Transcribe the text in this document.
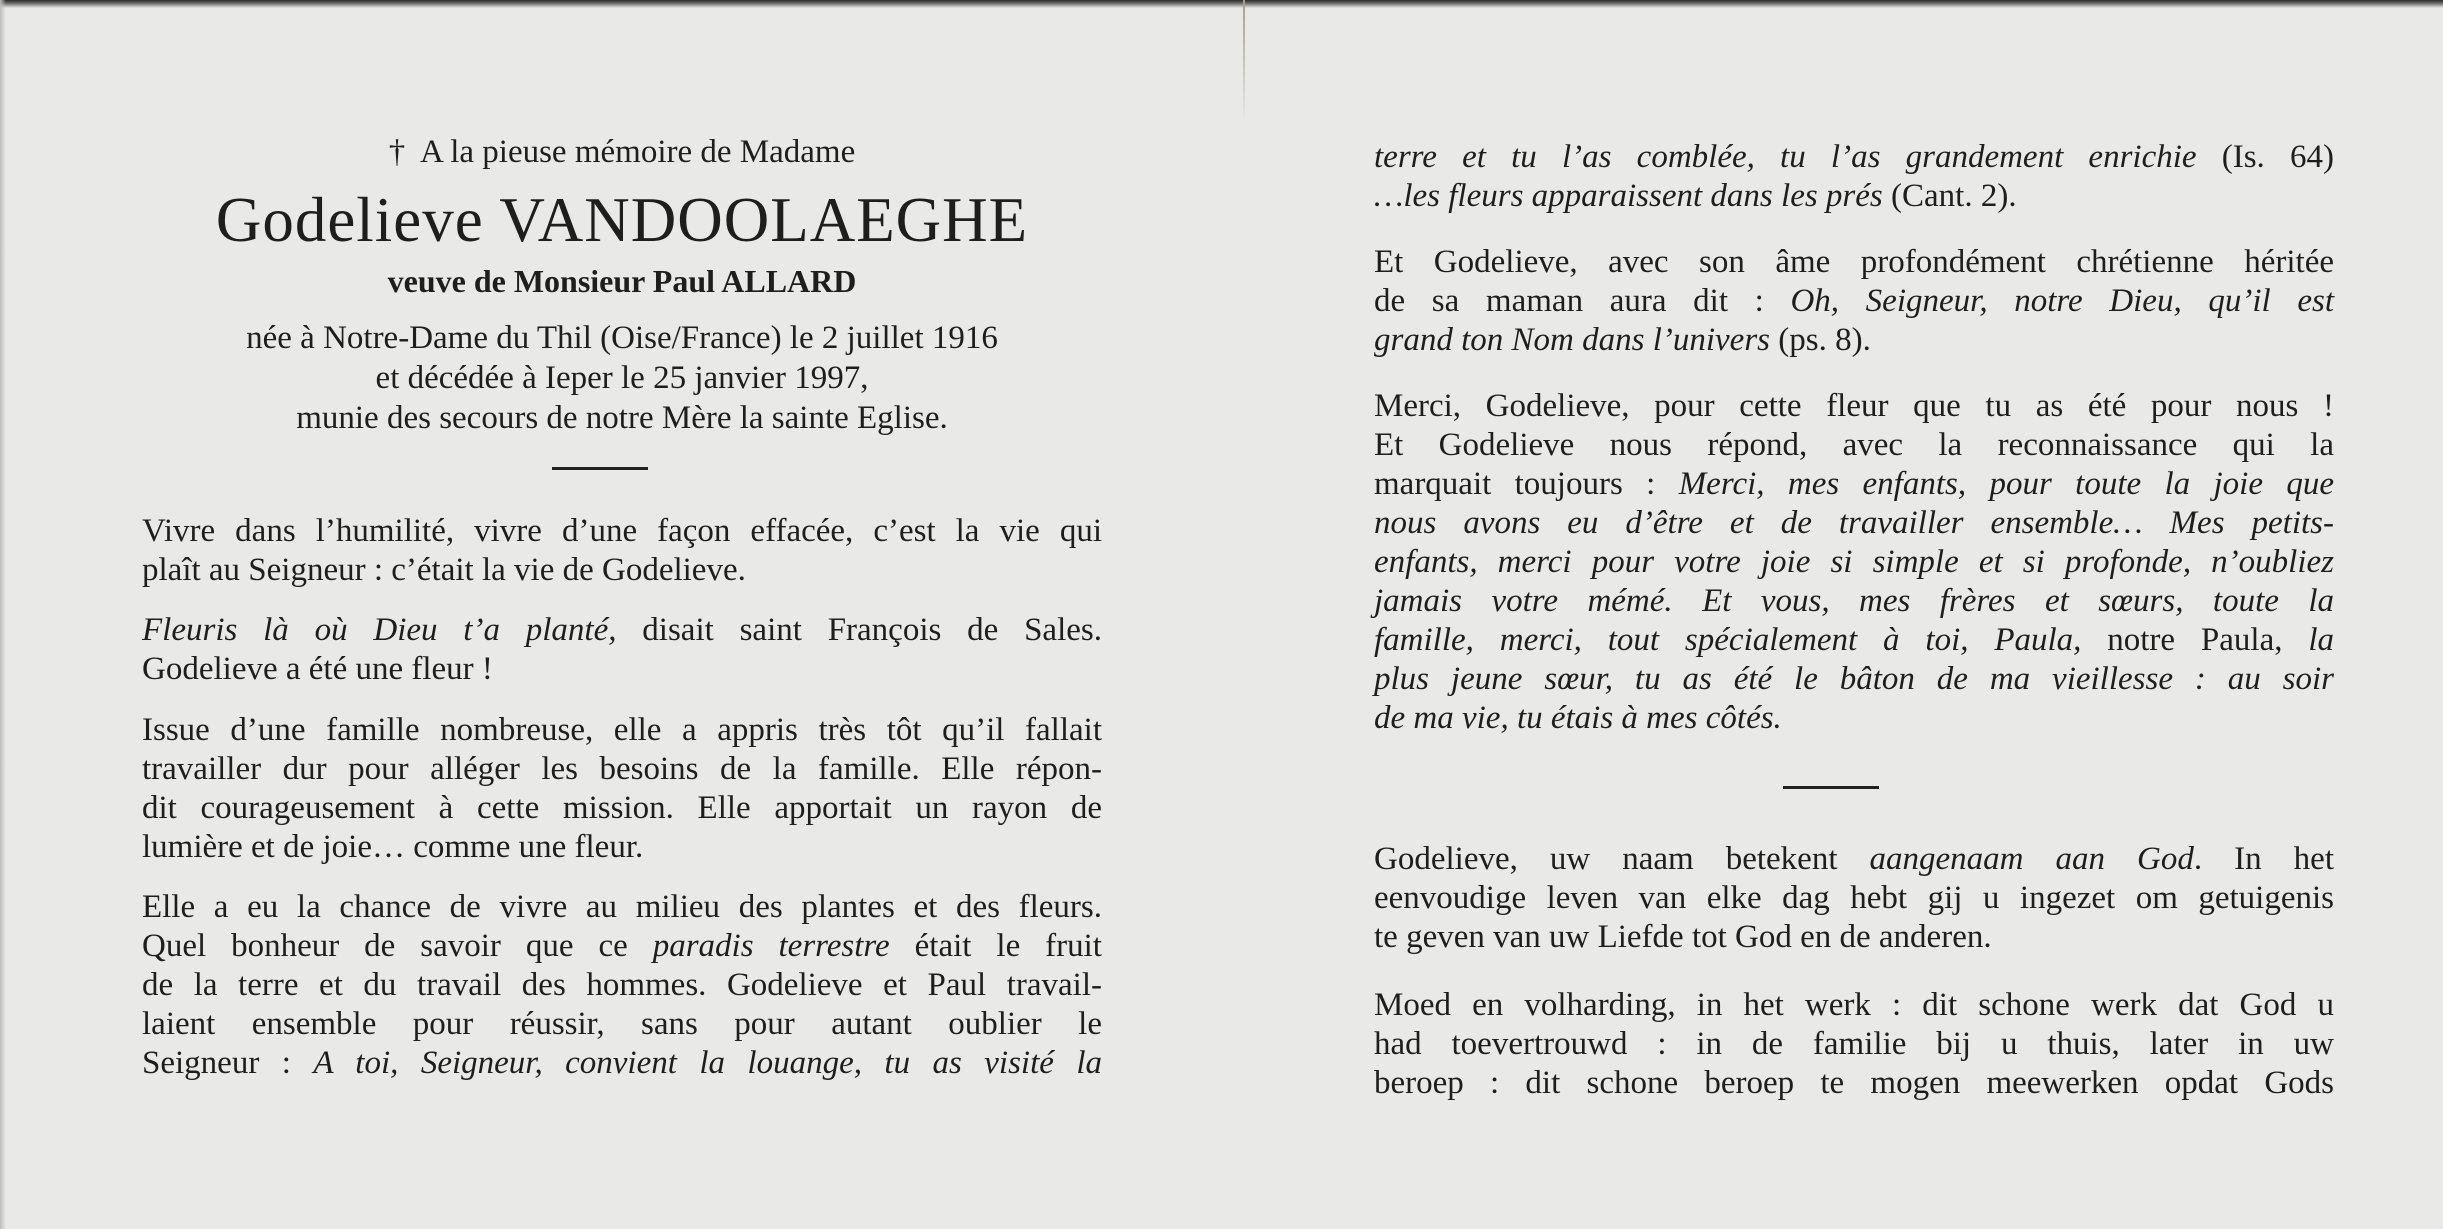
† A la pieuse mémoire de Madame
Godelieve VANDOOLAEGHE
veuve de Monsieur Paul ALLARD
née à Notre-Dame du Thil (Oise/France) le 2 juillet 1916
et décédée à Ieper le 25 janvier 1997,
munie des secours de notre Mère la sainte Eglise.
Vivre dans l’humilité, vivre d’une façon effacée, c’est la vie qui
plaît au Seigneur : c’était la vie de Godelieve.
Fleuris là où Dieu t’a planté, disait saint François de Sales.
Godelieve a été une fleur !
Issue d’une famille nombreuse, elle a appris très tôt qu’il fallait
travailler dur pour alléger les besoins de la famille. Elle répon-
dit courageusement à cette mission. Elle apportait un rayon de
lumière et de joie… comme une fleur.
Elle a eu la chance de vivre au milieu des plantes et des fleurs.
Quel bonheur de savoir que ce paradis terrestre était le fruit
de la terre et du travail des hommes. Godelieve et Paul travail-
laient ensemble pour réussir, sans pour autant oublier le
Seigneur : A toi, Seigneur, convient la louange, tu as visité la
terre et tu l’as comblée, tu l’as grandement enrichie (Is. 64)
…les fleurs apparaissent dans les prés (Cant. 2).
Et Godelieve, avec son âme profondément chrétienne héritée
de sa maman aura dit : Oh, Seigneur, notre Dieu, qu’il est
grand ton Nom dans l’univers (ps. 8).
Merci, Godelieve, pour cette fleur que tu as été pour nous !
Et Godelieve nous répond, avec la reconnaissance qui la
marquait toujours : Merci, mes enfants, pour toute la joie que
nous avons eu d’être et de travailler ensemble… Mes petits-
enfants, merci pour votre joie si simple et si profonde, n’oubliez
jamais votre mémé. Et vous, mes frères et sœurs, toute la
famille, merci, tout spécialement à toi, Paula, notre Paula, la
plus jeune sœur, tu as été le bâton de ma vieillesse : au soir
de ma vie, tu étais à mes côtés.
Godelieve, uw naam betekent aangenaam aan God. In het
eenvoudige leven van elke dag hebt gij u ingezet om getuigenis
te geven van uw Liefde tot God en de anderen.
Moed en volharding, in het werk : dit schone werk dat God u
had toevertrouwd : in de familie bij u thuis, later in uw
beroep : dit schone beroep te mogen meewerken opdat Gods
